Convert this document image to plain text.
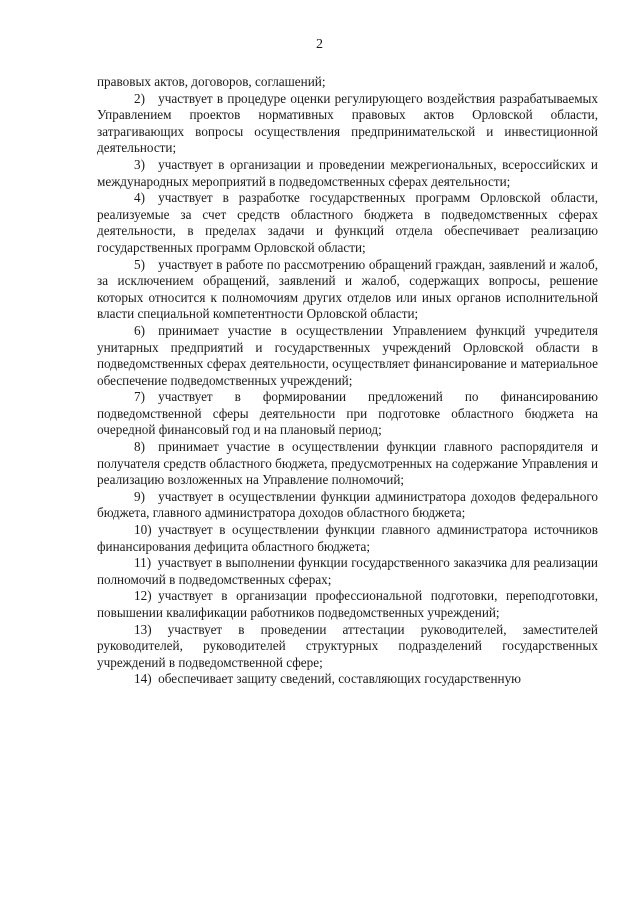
2

правовых актов, договоров, соглашений;

2) участвует в процедуре оценки регулирующего воздействия разрабатываемых Управлением проектов нормативных правовых актов Орловской области, затрагивающих вопросы осуществления предпринимательской и инвестиционной деятельности;

3) участвует в организации и проведении межрегиональных, всероссийских и международных мероприятий в подведомственных сферах деятельности;

4) участвует в разработке государственных программ Орловской области, реализуемые за счет средств областного бюджета в подведомственных сферах деятельности, в пределах задачи и функций отдела обеспечивает реализацию государственных программ Орловской области;

5) участвует в работе по рассмотрению обращений граждан, заявлений и жалоб, за исключением обращений, заявлений и жалоб, содержащих вопросы, решение которых относится к полномочиям других отделов или иных органов исполнительной власти специальной компетентности Орловской области;

6) принимает участие в осуществлении Управлением функций учредителя унитарных предприятий и государственных учреждений Орловской области в подведомственных сферах деятельности, осуществляет финансирование и материальное обеспечение подведомственных учреждений;

7) участвует в формировании предложений по финансированию подведомственной сферы деятельности при подготовке областного бюджета на очередной финансовый год и на плановый период;

8) принимает участие в осуществлении функции главного распорядителя и получателя средств областного бюджета, предусмотренных на содержание Управления и реализацию возложенных на Управление полномочий;

9) участвует в осуществлении функции администратора доходов федерального бюджета, главного администратора доходов областного бюджета;

10) участвует в осуществлении функции главного администратора источников финансирования дефицита областного бюджета;

11) участвует в выполнении функции государственного заказчика для реализации полномочий в подведомственных сферах;

12) участвует в организации профессиональной подготовки, переподготовки, повышении квалификации работников подведомственных учреждений;

13) участвует в проведении аттестации руководителей, заместителей руководителей, руководителей структурных подразделений государственных учреждений в подведомственной сфере;

14) обеспечивает защиту сведений, составляющих государственную
